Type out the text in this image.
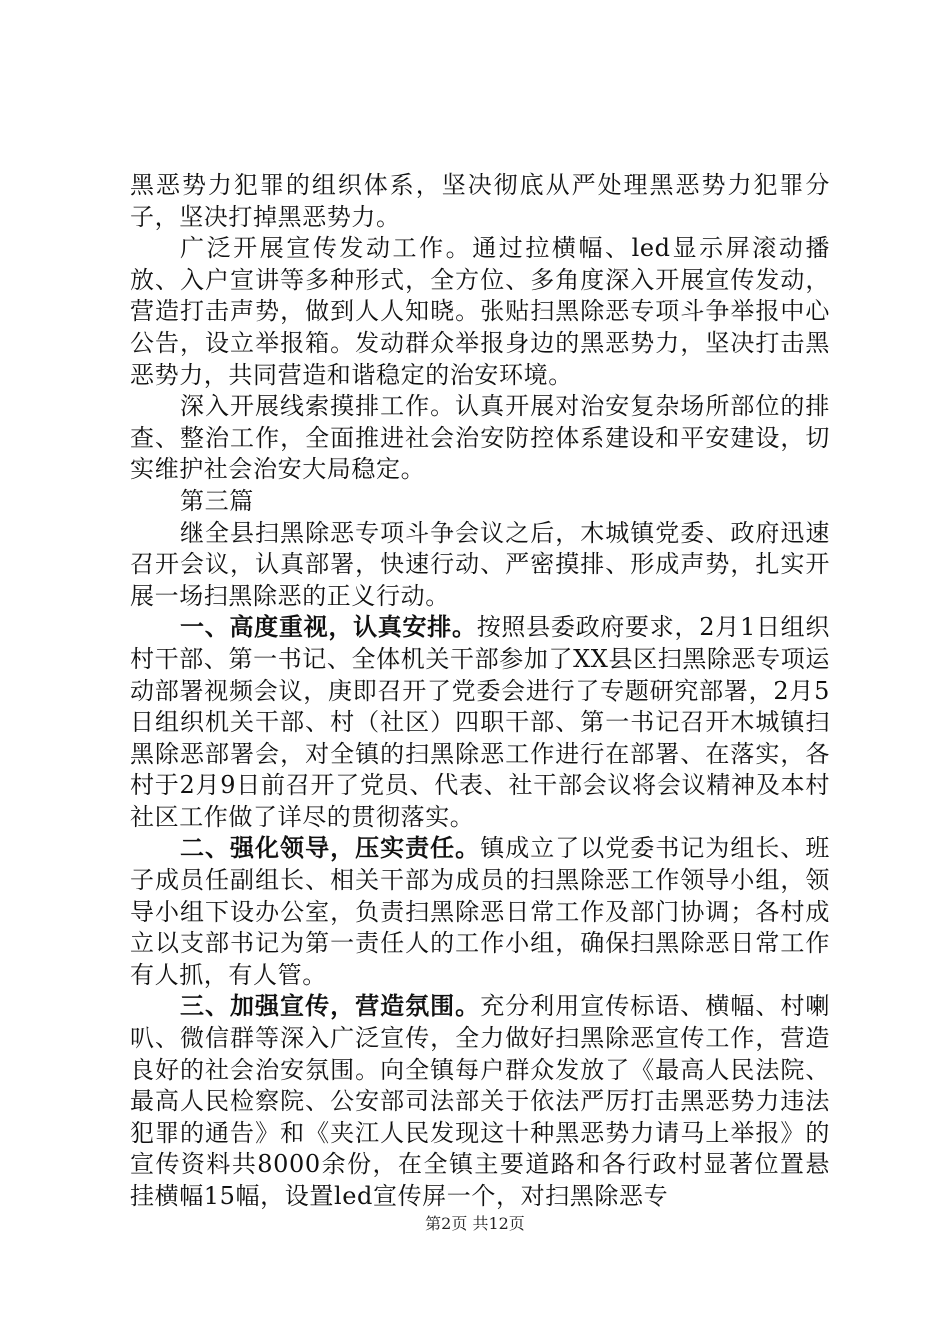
黑恶势力犯罪的组织体系，坚决彻底从严处理黑恶势力犯罪分子，坚决打掉黑恶势力。

广泛开展宣传发动工作。通过拉横幅、led显示屏滚动播放、入户宣讲等多种形式，全方位、多角度深入开展宣传发动，营造打击声势，做到人人知晓。张贴扫黑除恶专项斗争举报中心公告，设立举报箱。发动群众举报身边的黑恶势力，坚决打击黑恶势力，共同营造和谐稳定的治安环境。

深入开展线索摸排工作。认真开展对治安复杂场所部位的排查、整治工作，全面推进社会治安防控体系建设和平安建设，切实维护社会治安大局稳定。

第三篇

继全县扫黑除恶专项斗争会议之后，木城镇党委、政府迅速召开会议，认真部署，快速行动、严密摸排、形成声势，扎实开展一场扫黑除恶的正义行动。

一、高度重视，认真安排。按照县委政府要求，2月1日组织村干部、第一书记、全体机关干部参加了XX县区扫黑除恶专项运动部署视频会议，庚即召开了党委会进行了专题研究部署，2月5日组织机关干部、村（社区）四职干部、第一书记召开木城镇扫黑除恶部署会，对全镇的扫黑除恶工作进行在部署、在落实，各村于2月9日前召开了党员、代表、社干部会议将会议精神及本村社区工作做了详尽的贯彻落实。

二、强化领导，压实责任。镇成立了以党委书记为组长、班子成员任副组长、相关干部为成员的扫黑除恶工作领导小组，领导小组下设办公室，负责扫黑除恶日常工作及部门协调；各村成立以支部书记为第一责任人的工作小组，确保扫黑除恶日常工作有人抓，有人管。

三、加强宣传，营造氛围。充分利用宣传标语、横幅、村喇叭、微信群等深入广泛宣传，全力做好扫黑除恶宣传工作，营造良好的社会治安氛围。向全镇每户群众发放了《最高人民法院、最高人民检察院、公安部司法部关于依法严厉打击黑恶势力违法犯罪的通告》和《夹江人民发现这十种黑恶势力请马上举报》的宣传资料共8000余份，在全镇主要道路和各行政村显著位置悬挂横幅15幅，设置led宣传屏一个，对扫黑除恶专

第2页 共12页
